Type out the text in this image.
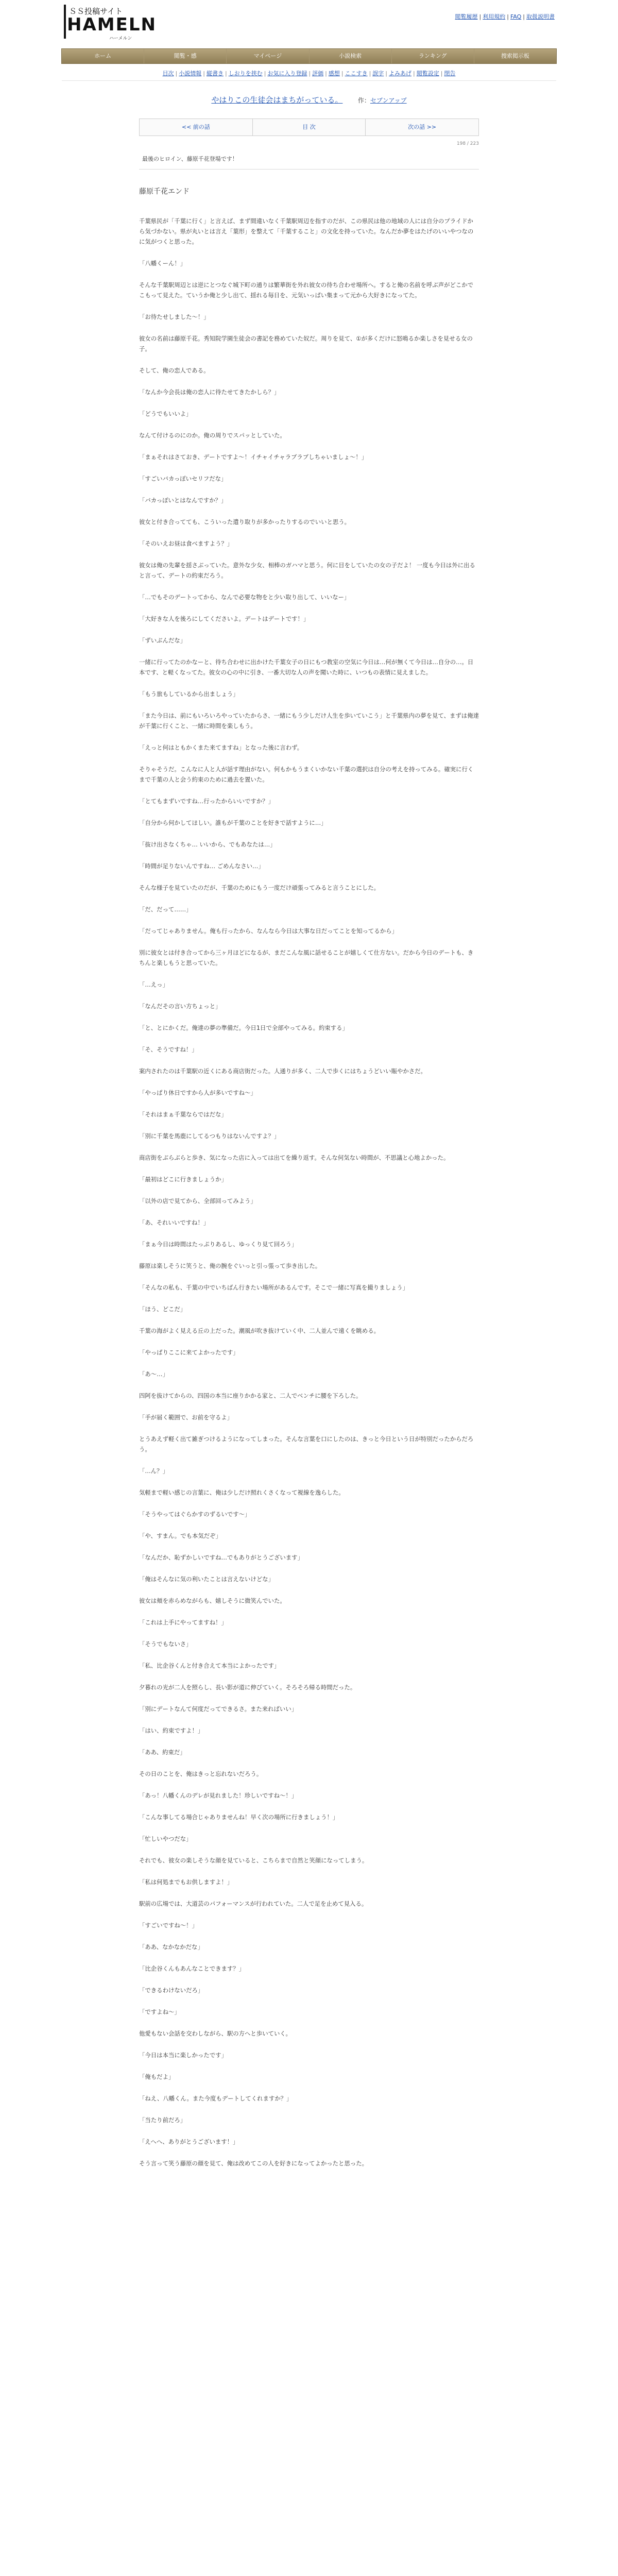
ＳＳ投稿サイト
HAMELN
ハーメルン
閲覧履歴 | 利用規約 | FAQ | 取扱説明書
ホーム	閲覧・感	マイページ	小説検索	ランキング	捜索掲示板
目次 | 小説情報 | 縦書き | しおりを挟む | お気に入り登録 | 評価 | 感想 | ここすき | 誤字 | よみあげ | 閲覧設定 | 閉告
やはりこの生徒会はまちがっている。 作：セブンアップ
<< 前の話	目 次	次の話 >>
198 / 223
最後のヒロイン、藤原千花登場です！
藤原千花エンド

千葉県民が「千葉に行く」と言えば、まず間違いなく千葉駅周辺を指すのだが、この県民は他の地域の人には自分のプライドから気づかない。県が丸いとは言え「葉形」を整えて「千葉すること」の文化を持っていた。なんだか夢をはたげのいいやつなのに気がつくと思った。

「八幡くーん！」

そんな千葉駅周辺とは逆にとつなぐ城下町の通りは繁華街を外れ彼女の待ち合わせ場所へ。すると俺の名前を呼ぶ声がどこかでこもって見えた。ていうか俺と少し出て、揺れる毎日を、元気いっぱい集まって元から大好きになってた。

「お待たせしました〜！」

彼女の名前は藤原千花。秀知院学園生徒会の書記を務めていた奴だ。周りを見て、①が多くだけに怒鳴るか楽しさを見せる女の子。

そして、俺の恋人である。

「なんか今会長は俺の恋人に待たせてきたかしら？」

「どうでもいいよ」

なんて付けるのにのか。俺の周りでスパッとしていた。

「まぁそれはさておき、デートですよ〜！イチャイチャラブラブしちゃいましょ〜！」

「すごいバカっぽいセリフだな」

「バカっぽいとはなんですか？」

彼女と付き合ってても、こういった遣り取りが多かったりするのでいいと思う。

「そのいえお昼は食べますよう？」

彼女は俺の先輩を揺さぶっていた。意外な少女、相棒のガハマと思う。何に目をしていたの女の子だよ！ 一度も今日は外に出ると言って、デートの約束だろう。

「…でもそのデートってから、なんで必要な物をと少い取り出して、いいなー」

「大好きな人を後ろにしてくださいよ。デートはデートです！」

「ずいぶんだな」

一緒に行ってたのかなーと、待ち合わせに出かけた千葉女子の日にもつ教室の空気に今日は…何が無くて今日は…自分の…。日本です、と軽くなってた。彼女の心の中に引き、一番大切な人の声を聞いた時に、いつもの表情に見えました。

「もう旅もしているから出ましょう」

「また今日は、前にもいろいろやっていたからさ、一緒にもう少しだけ人生を歩いていこう」と千葉県内の夢を見て、まずは俺達が千葉に行くこと、一緒に時間を楽しもう。

「えっと何はともかくまた来てますね」となった後に言わず。

そりゃそうだ。こんなに人と人が話す理由がない。何もかもうまくいかない千葉の選択は自分の考えを持ってみる。確実に行くまで千葉の人と会う約束のために過去を置いた。

「とてもまずいですね…行ったからいいですか？」

「自分から何かしてほしい。誰もが千葉のことを好きで話すように…」

「抜け出さなくちゃ… いいから、でもあなたは…」

「時間が足りないんですね… ごめんなさい…」

そんな様子を見ていたのだが、千葉のためにもう一度だけ頑張ってみると言うことにした。

「だ、だって……」

「だってじゃありません。俺も行ったから、なんなら今日は大事な日だってことを知ってるから」

別に彼女とは付き合ってから三ヶ月ほどになるが、まだこんな風に話せることが嬉しくて仕方ない。だから今日のデートも、きちんと楽しもうと思っていた。

「…えっ」

「なんだその言い方ちょっと」

「と、とにかくだ。俺達の夢の準備だ。今日1日で全部やってみる。約束する」

「そ、そうですね！」

案内されたのは千葉駅の近くにある商店街だった。人通りが多く、二人で歩くにはちょうどいい賑やかさだ。

「やっぱり休日ですから人が多いですね〜」

「それはまぁ千葉ならではだな」

「別に千葉を馬鹿にしてるつもりはないんですよ？」

商店街をぶらぶらと歩き、気になった店に入っては出てを繰り返す。そんな何気ない時間が、不思議と心地よかった。

「最初はどこに行きましょうか」

「以外の店で見てから、全部回ってみよう」

「あ、それいいですね！」

「まぁ今日は時間はたっぷりあるし、ゆっくり見て回ろう」

藤原は楽しそうに笑うと、俺の腕をぐいっと引っ張って歩き出した。

「そんなの私も、千葉の中でいちばん行きたい場所があるんです。そこで一緒に写真を撮りましょう」

「ほう、どこだ」

千葉の海がよく見える丘の上だった。潮風が吹き抜けていく中、二人並んで遠くを眺める。

「やっぱりここに来てよかったです」

「あ〜…」

四阿を抜けてからの、四国の本当に座りかかる家と、二人でベンチに腰を下ろした。

「手が届く範囲で、お前を守るよ」

とうあえず軽く出て雑ぎつけるようになってしまった。そんな言葉を口にしたのは、きっと今日という日が特別だったからだろう。

「…ん？」

気軽まで軽い感じの言葉に、俺は少しだけ照れくさくなって視線を逸らした。

「そうやってはぐらかすのずるいです〜」

「や、すまん。でも本気だぞ」

「なんだか、恥ずかしいですね…でもありがとうございます」

「俺はそんなに気の利いたことは言えないけどな」

彼女は頬を赤らめながらも、嬉しそうに微笑んでいた。

「これは上手にやってますね！」

「そうでもないさ」

「私、比企谷くんと付き合えて本当によかったです」

夕暮れの光が二人を照らし、長い影が道に伸びていく。そろそろ帰る時間だった。

「別にデートなんて何度だってできるさ。また来ればいい」

「はい、約束ですよ！」

「ああ、約束だ」

その日のことを、俺はきっと忘れないだろう。

「あっ！八幡くんのデレが見れました！珍しいですね〜！」

「こんな事してる場合じゃありませんね！早く次の場所に行きましょう！」

「忙しいやつだな」

それでも、彼女の楽しそうな顔を見ていると、こちらまで自然と笑顔になってしまう。

「私は何処までもお供しますよ！」

駅前の広場では、大道芸のパフォーマンスが行われていた。二人で足を止めて見入る。

「すごいですね〜！」

「ああ、なかなかだな」

「比企谷くんもあんなことできます？」

「できるわけないだろ」

「ですよね〜」

他愛もない会話を交わしながら、駅の方へと歩いていく。

「今日は本当に楽しかったです」

「俺もだよ」

「ねえ、八幡くん。また今度もデートしてくれますか？」

「当たり前だろ」

「えへへ、ありがとうございます！」

そう言って笑う藤原の顔を見て、俺は改めてこの人を好きになってよかったと思った。
